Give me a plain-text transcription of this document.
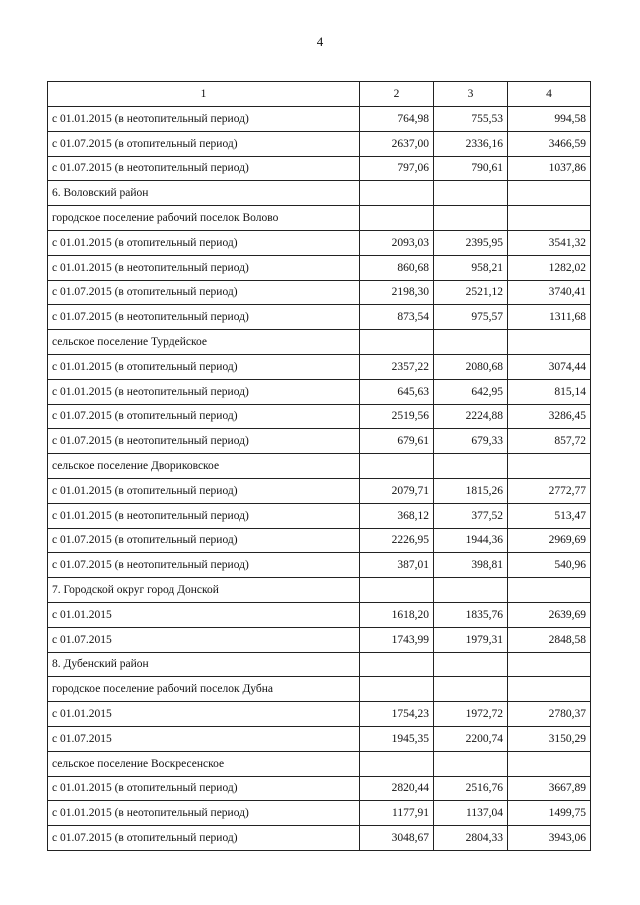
4
1	2	3	4
с 01.01.2015 (в неотопительный период)	764,98	755,53	994,58
с 01.07.2015 (в отопительный период)	2637,00	2336,16	3466,59
с 01.07.2015 (в неотопительный период)	797,06	790,61	1037,86
6. Воловский район			
городское поселение рабочий поселок Волово			
с 01.01.2015 (в отопительный период)	2093,03	2395,95	3541,32
с 01.01.2015 (в неотопительный период)	860,68	958,21	1282,02
с 01.07.2015 (в отопительный период)	2198,30	2521,12	3740,41
с 01.07.2015 (в неотопительный период)	873,54	975,57	1311,68
сельское поселение Турдейское			
с 01.01.2015 (в отопительный период)	2357,22	2080,68	3074,44
с 01.01.2015 (в неотопительный период)	645,63	642,95	815,14
с 01.07.2015 (в отопительный период)	2519,56	2224,88	3286,45
с 01.07.2015 (в неотопительный период)	679,61	679,33	857,72
сельское поселение Двориковское			
с 01.01.2015 (в отопительный период)	2079,71	1815,26	2772,77
с 01.01.2015 (в неотопительный период)	368,12	377,52	513,47
с 01.07.2015 (в отопительный период)	2226,95	1944,36	2969,69
с 01.07.2015 (в неотопительный период)	387,01	398,81	540,96
7. Городской округ город Донской			
с 01.01.2015	1618,20	1835,76	2639,69
с 01.07.2015	1743,99	1979,31	2848,58
8. Дубенский район			
городское поселение рабочий поселок Дубна			
с 01.01.2015	1754,23	1972,72	2780,37
с 01.07.2015	1945,35	2200,74	3150,29
сельское поселение Воскресенское			
с 01.01.2015 (в отопительный период)	2820,44	2516,76	3667,89
с 01.01.2015 (в неотопительный период)	1177,91	1137,04	1499,75
с 01.07.2015 (в отопительный период)	3048,67	2804,33	3943,06
